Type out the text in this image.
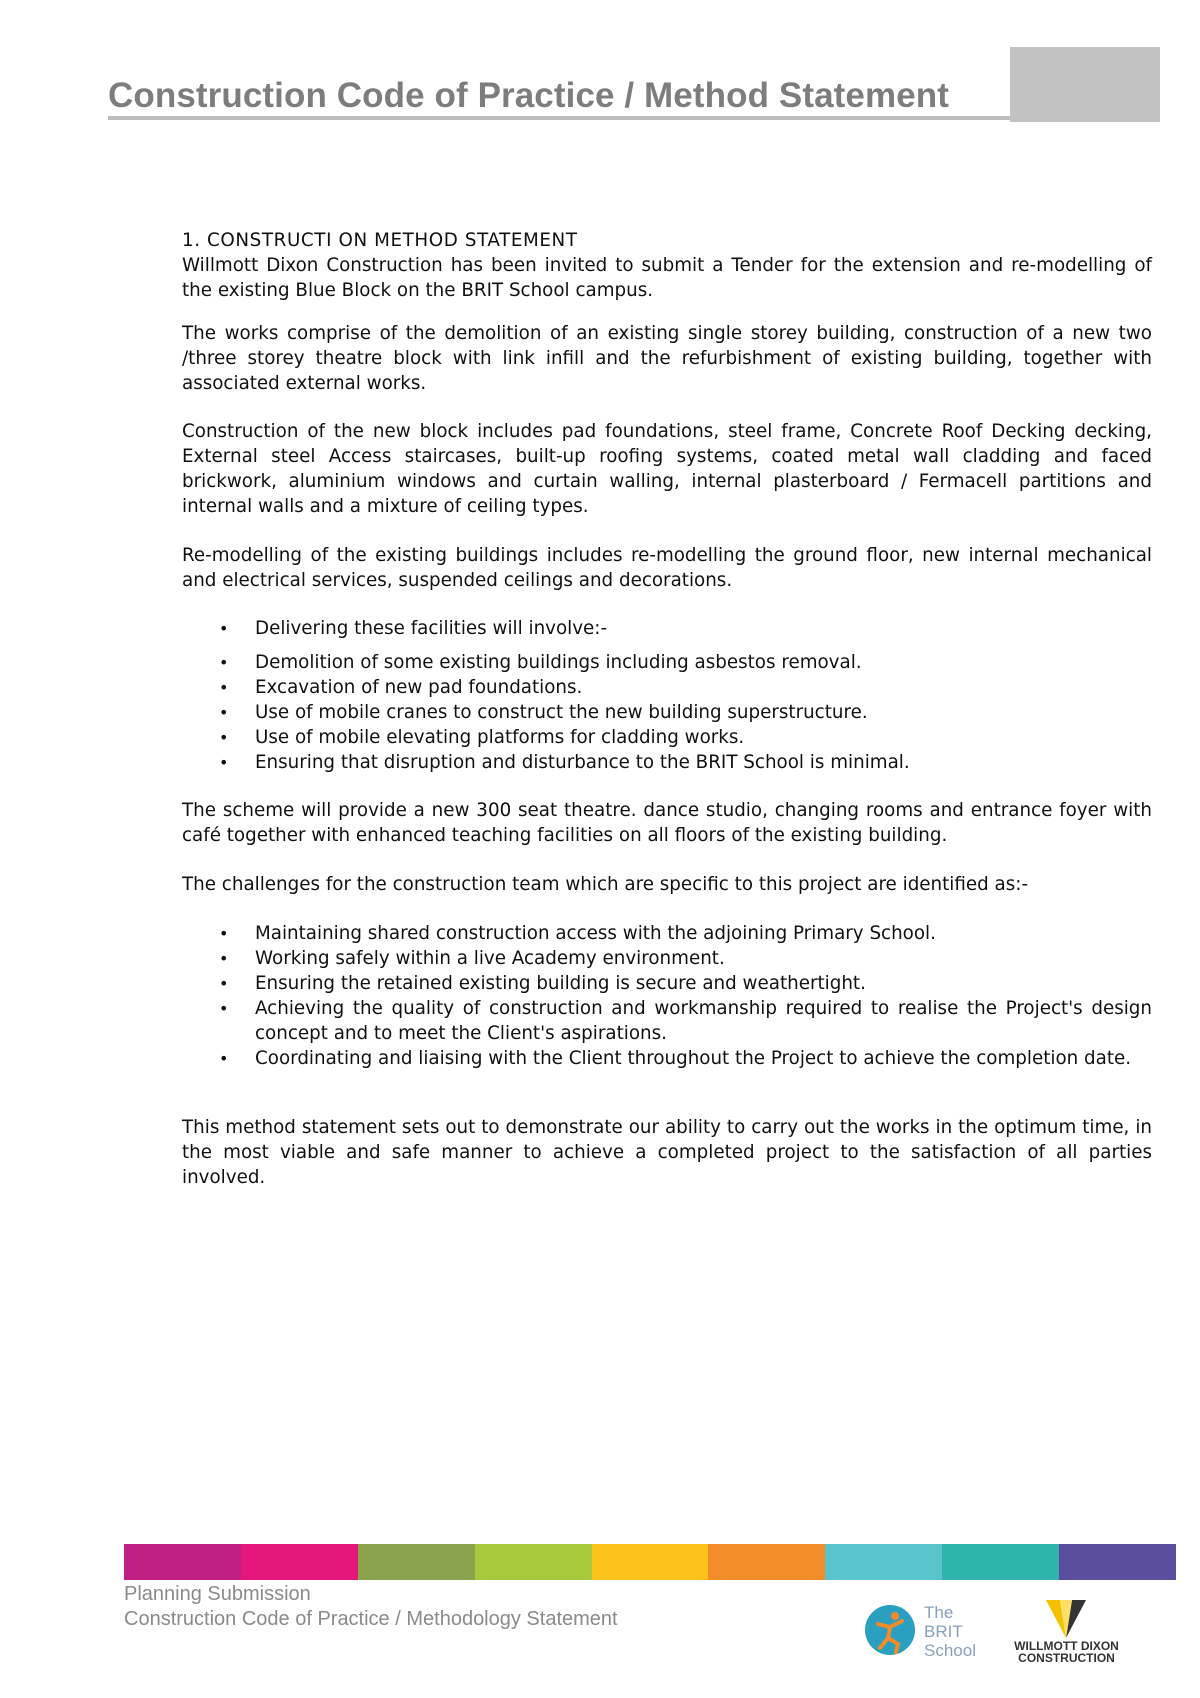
Construction Code of Practice / Method Statement

1. CONSTRUCTI ON METHOD STATEMENT

Willmott Dixon Construction has been invited to submit a Tender for the extension and re-modelling of the existing Blue Block on the BRIT School campus.

The works comprise of the demolition of an existing single storey building, construction of a new two /three storey theatre block with link infill and the refurbishment of existing building, together with associated external works.

Construction of the new block includes pad foundations, steel frame, Concrete Roof Decking decking, External steel Access staircases, built-up roofing systems, coated metal wall cladding and faced brickwork, aluminium windows and curtain walling, internal plasterboard / Fermacell partitions and internal walls and a mixture of ceiling types.

Re-modelling of the existing buildings includes re-modelling the ground floor, new internal mechanical and electrical services, suspended ceilings and decorations.

• Delivering these facilities will involve:-
• Demolition of some existing buildings including asbestos removal.
• Excavation of new pad foundations.
• Use of mobile cranes to construct the new building superstructure.
• Use of mobile elevating platforms for cladding works.
• Ensuring that disruption and disturbance to the BRIT School is minimal.

The scheme will provide a new 300 seat theatre. dance studio, changing rooms and entrance foyer with café together with enhanced teaching facilities on all floors of the existing building.

The challenges for the construction team which are specific to this project are identified as:-

• Maintaining shared construction access with the adjoining Primary School.
• Working safely within a live Academy environment.
• Ensuring the retained existing building is secure and weathertight.
• Achieving the quality of construction and workmanship required to realise the Project's design concept and to meet the Client's aspirations.
• Coordinating and liaising with the Client throughout the Project to achieve the completion date.

This method statement sets out to demonstrate our ability to carry out the works in the optimum time, in the most viable and safe manner to achieve a completed project to the satisfaction of all parties involved.

Planning Submission
Construction Code of Practice / Methodology Statement	The
BRIT
School	WILLMOTT DIXON
CONSTRUCTION
